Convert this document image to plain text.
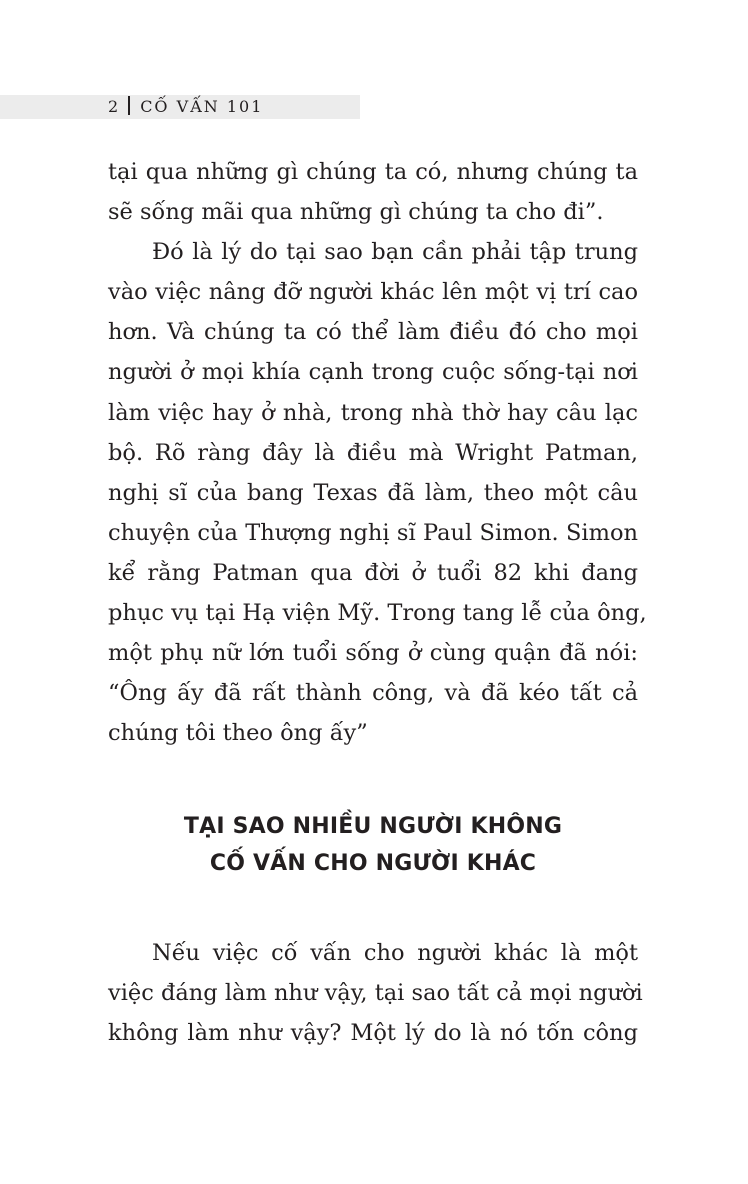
2 CỐ VẤN 101
tại qua những gì chúng ta có, nhưng chúng ta
sẽ sống mãi qua những gì chúng ta cho đi”.
Đó là lý do tại sao bạn cần phải tập trung
vào việc nâng đỡ người khác lên một vị trí cao
hơn. Và chúng ta có thể làm điều đó cho mọi
người ở mọi khía cạnh trong cuộc sống-tại nơi
làm việc hay ở nhà, trong nhà thờ hay câu lạc
bộ. Rõ ràng đây là điều mà Wright Patman,
nghị sĩ của bang Texas đã làm, theo một câu
chuyện của Thượng nghị sĩ Paul Simon. Simon
kể rằng Patman qua đời ở tuổi 82 khi đang
phục vụ tại Hạ viện Mỹ. Trong tang lễ của ông,
một phụ nữ lớn tuổi sống ở cùng quận đã nói:
“Ông ấy đã rất thành công, và đã kéo tất cả
chúng tôi theo ông ấy”
TẠI SAO NHIỀU NGƯỜI KHÔNG
CỐ VẤN CHO NGƯỜI KHÁC
Nếu việc cố vấn cho người khác là một
việc đáng làm như vậy, tại sao tất cả mọi người
không làm như vậy? Một lý do là nó tốn công
